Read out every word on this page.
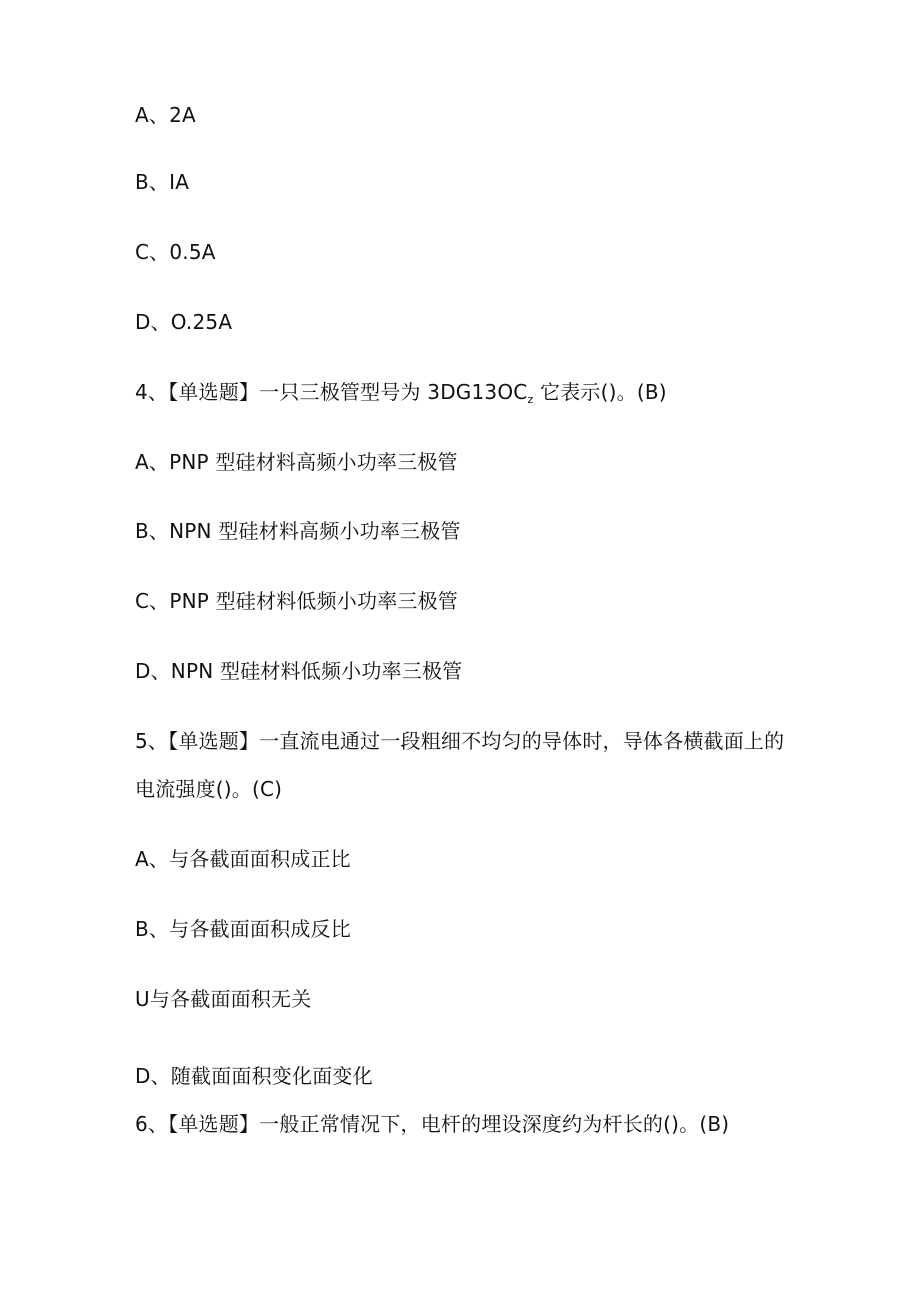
A、2A
B、IA
C、0.5A
D、O.25A
4、【单选题】一只三极管型号为 $3DG13OC_z$ 它表示()。(B)
A、PNP 型硅材料高频小功率三极管
B、NPN 型硅材料高频小功率三极管
C、PNP 型硅材料低频小功率三极管
D、NPN 型硅材料低频小功率三极管
5、【单选题】一直流电通过一段粗细不均匀的导体时，导体各横截面上的
电流强度()。(C)
A、与各截面面积成正比
B、与各截面面积成反比
U与各截面面积无关
D、随截面面积变化面变化
6、【单选题】一般正常情况下，电杆的埋设深度约为杆长的()。(B)
